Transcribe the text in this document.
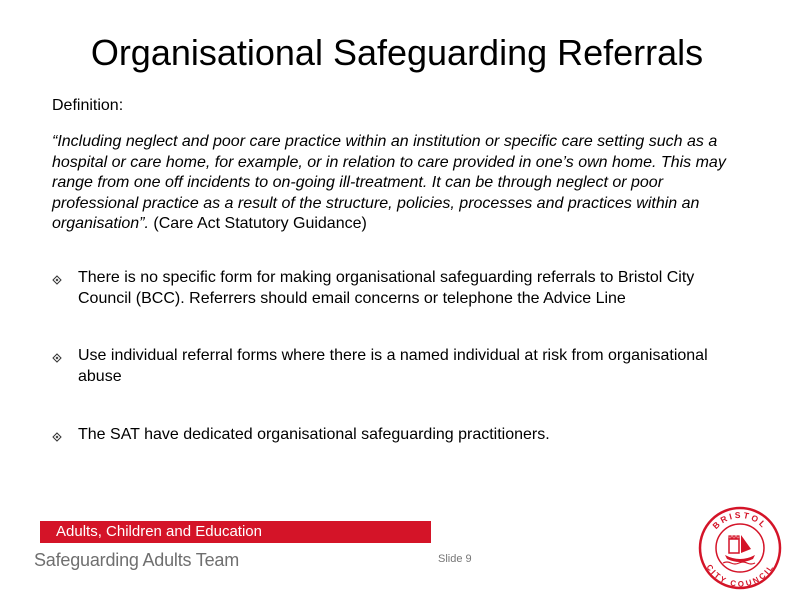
Organisational Safeguarding Referrals
Definition:
“Including neglect and poor care practice within an institution or specific care setting such as a hospital or care home, for example, or in relation to care provided in one’s own home. This may range from one off incidents to on-going ill-treatment. It can be through neglect or poor professional practice as a result of the structure, policies, processes and practices within an organisation”. (Care Act Statutory Guidance)
There is no specific form for making organisational safeguarding referrals to Bristol City Council (BCC). Referrers should email concerns or telephone the Advice Line
Use individual referral forms where there is a named individual at risk from organisational abuse
The SAT have dedicated organisational safeguarding practitioners.
Adults, Children and Education
Safeguarding Adults Team	Slide 9
BRISTOL
CITY COUNCIL
